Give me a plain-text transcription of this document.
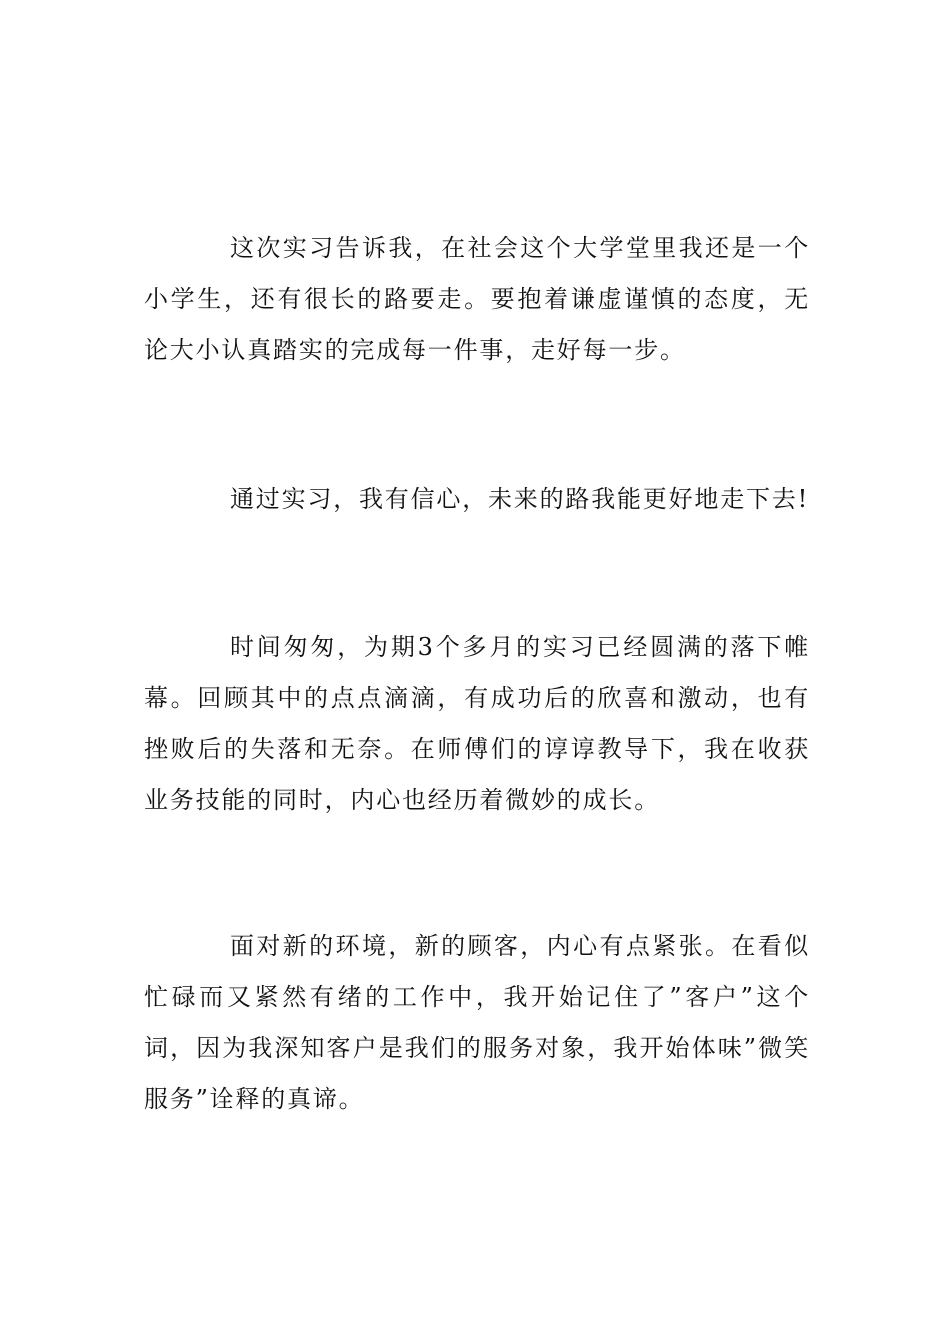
这次实习告诉我，在社会这个大学堂里我还是一个小学生，还有很长的路要走。要抱着谦虚谨慎的态度，无论大小认真踏实的完成每一件事，走好每一步。

通过实习，我有信心，未来的路我能更好地走下去!

时间匆匆，为期3个多月的实习已经圆满的落下帷幕。回顾其中的点点滴滴，有成功后的欣喜和激动，也有挫败后的失落和无奈。在师傅们的谆谆教导下，我在收获业务技能的同时，内心也经历着微妙的成长。

面对新的环境，新的顾客，内心有点紧张。在看似忙碌而又紧然有绪的工作中，我开始记住了”客户”这个词，因为我深知客户是我们的服务对象，我开始体味”微笑服务”诠释的真谛。
